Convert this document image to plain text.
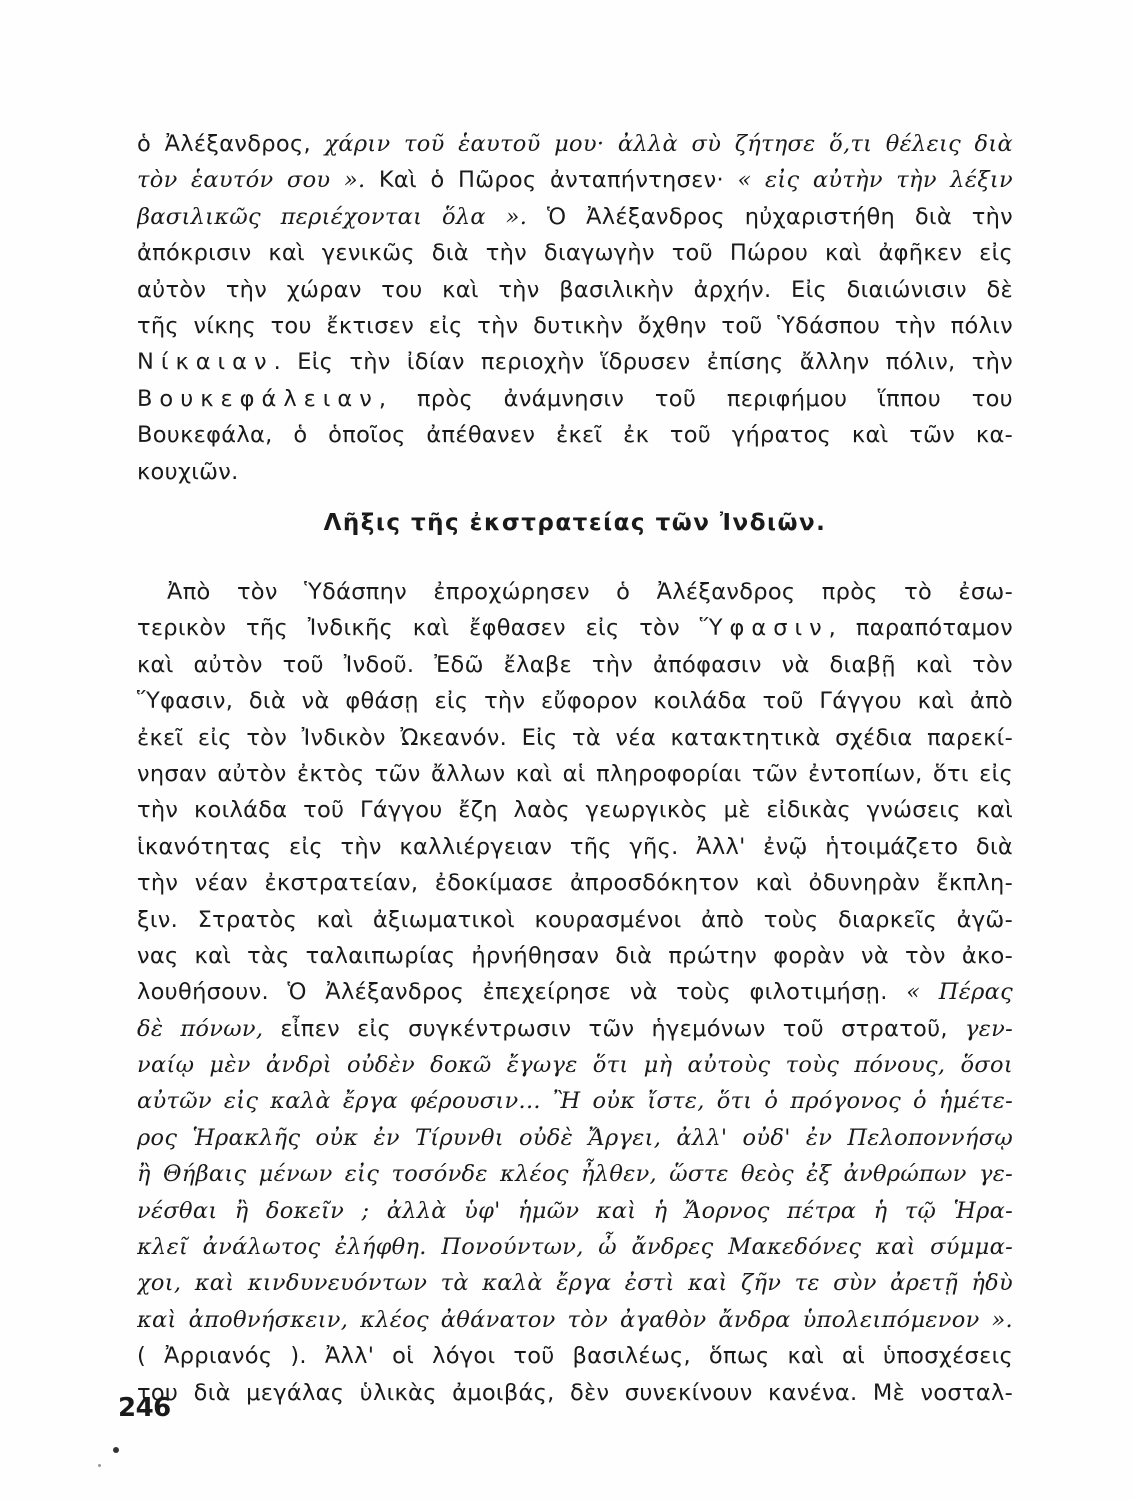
ὁ Ἀλέξανδρος, χάριν τοῦ ἑαυτοῦ μου· ἀλλὰ σὺ ζήτησε ὅ,τι θέλεις διὰ
τὸν ἑαυτόν σου ». Καὶ ὁ Πῶρος ἀνταπήντησεν· « εἰς αὐτὴν τὴν λέξιν
βασιλικῶς περιέχονται ὅλα ». Ὁ Ἀλέξανδρος ηὐχαριστήθη διὰ τὴν
ἀπόκρισιν καὶ γενικῶς διὰ τὴν διαγωγὴν τοῦ Πώρου καὶ ἀφῆκεν εἰς
αὐτὸν τὴν χώραν του καὶ τὴν βασιλικὴν ἀρχήν. Εἰς διαιώνισιν δὲ
τῆς νίκης του ἔκτισεν εἰς τὴν δυτικὴν ὄχθην τοῦ Ὑδάσπου τὴν πόλιν
Νίκαιαν. Εἰς τὴν ἰδίαν περιοχὴν ἵδρυσεν ἐπίσης ἄλλην πόλιν, τὴν
Βουκεφάλειαν, πρὸς ἀνάμνησιν τοῦ περιφήμου ἵππου του
Βουκεφάλα, ὁ ὁποῖος ἀπέθανεν ἐκεῖ ἐκ τοῦ γήρατος καὶ τῶν κα-
κουχιῶν.
Λῆξις τῆς ἐκστρατείας τῶν Ἰνδιῶν.
Ἀπὸ τὸν Ὑδάσπην ἐπροχώρησεν ὁ Ἀλέξανδρος πρὸς τὸ ἐσω-
τερικὸν τῆς Ἰνδικῆς καὶ ἔφθασεν εἰς τὸν Ὕφασιν, παραπόταμον
καὶ αὐτὸν τοῦ Ἰνδοῦ. Ἐδῶ ἔλαβε τὴν ἀπόφασιν νὰ διαβῇ καὶ τὸν
Ὕφασιν, διὰ νὰ φθάσῃ εἰς τὴν εὔφορον κοιλάδα τοῦ Γάγγου καὶ ἀπὸ
ἐκεῖ εἰς τὸν Ἰνδικὸν Ὠκεανόν. Εἰς τὰ νέα κατακτητικὰ σχέδια παρεκί-
νησαν αὐτὸν ἐκτὸς τῶν ἄλλων καὶ αἱ πληροφορίαι τῶν ἐντοπίων, ὅτι εἰς
τὴν κοιλάδα τοῦ Γάγγου ἔζη λαὸς γεωργικὸς μὲ εἰδικὰς γνώσεις καὶ
ἱκανότητας εἰς τὴν καλλιέργειαν τῆς γῆς. Ἀλλ' ἐνῷ ἡτοιμάζετο διὰ
τὴν νέαν ἐκστρατείαν, ἐδοκίμασε ἀπροσδόκητον καὶ ὀδυνηρὰν ἔκπλη-
ξιν. Στρατὸς καὶ ἀξιωματικοὶ κουρασμένοι ἀπὸ τοὺς διαρκεῖς ἀγῶ-
νας καὶ τὰς ταλαιπωρίας ἠρνήθησαν διὰ πρώτην φορὰν νὰ τὸν ἀκο-
λουθήσουν. Ὁ Ἀλέξανδρος ἐπεχείρησε νὰ τοὺς φιλοτιμήσῃ. « Πέρας
δὲ πόνων, εἶπεν εἰς συγκέντρωσιν τῶν ἡγεμόνων τοῦ στρατοῦ, γεν-
ναίῳ μὲν ἀνδρὶ οὐδὲν δοκῶ ἔγωγε ὅτι μὴ αὐτοὺς τοὺς πόνους, ὅσοι
αὐτῶν εἰς καλὰ ἔργα φέρουσιν... Ἢ οὐκ ἴστε, ὅτι ὁ πρόγονος ὁ ἡμέτε-
ρος Ἡρακλῆς οὐκ ἐν Τίρυνθι οὐδὲ Ἄργει, ἀλλ' οὐδ' ἐν Πελοποννήσῳ
ἢ Θήβαις μένων εἰς τοσόνδε κλέος ἦλθεν, ὥστε θεὸς ἐξ ἀνθρώπων γε-
νέσθαι ἢ δοκεῖν ; ἀλλὰ ὑφ' ἡμῶν καὶ ἡ Ἄορνος πέτρα ἡ τῷ Ἡρα-
κλεῖ ἀνάλωτος ἐλήφθη. Πονούντων, ὦ ἄνδρες Μακεδόνες καὶ σύμμα-
χοι, καὶ κινδυνευόντων τὰ καλὰ ἔργα ἐστὶ καὶ ζῆν τε σὺν ἀρετῇ ἡδὺ
καὶ ἀποθνήσκειν, κλέος ἀθάνατον τὸν ἀγαθὸν ἄνδρα ὑπολειπόμενον ».
( Ἀρριανός ). Ἀλλ' οἱ λόγοι τοῦ βασιλέως, ὅπως καὶ αἱ ὑποσχέσεις
του διὰ μεγάλας ὑλικὰς ἀμοιβάς, δὲν συνεκίνουν κανένα. Μὲ νοσταλ-
246
